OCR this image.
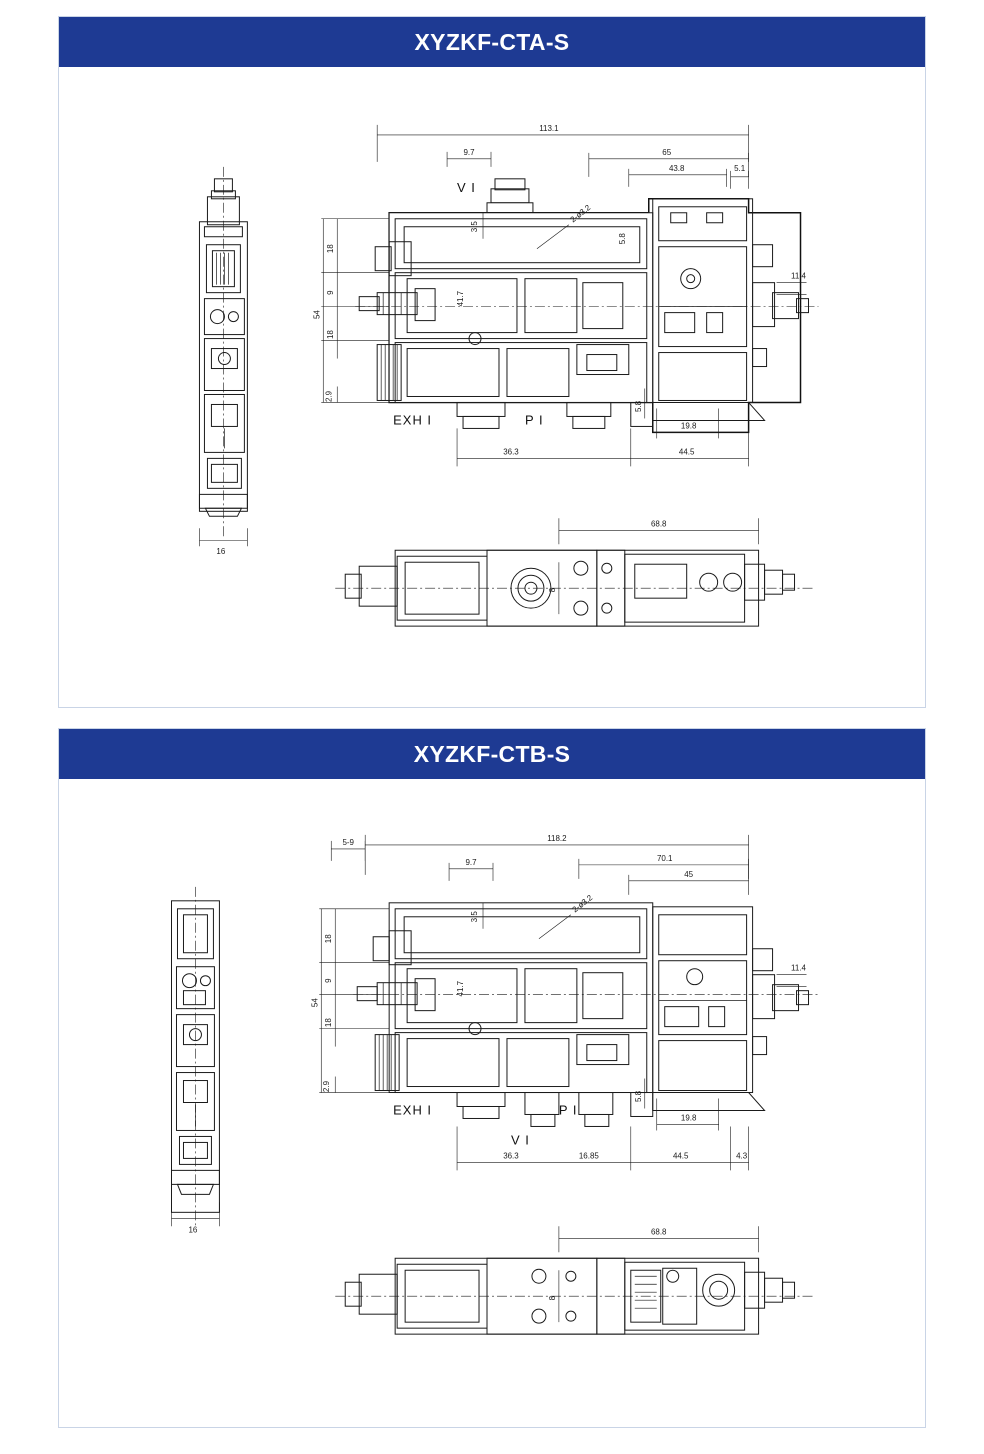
XYZKF-CTA-S
16
113.1
9.7	65
43.8	5.1
V I
EXH I	P I
18
9
18
54
2.9
3.5
41.7
2-ø3.2
5.8
11.4
36.3	44.5
19.8
5.8
68.8
8
XYZKF-CTB-S
16
5-9	118.2
9.7	70.1
45
EXH I
V I
P I
18
9
18
54
2.9
3.5
41.7
2-ø3.2
11.4
5.8
36.3	16.85	44.5	4.3
19.8
68.8
8
